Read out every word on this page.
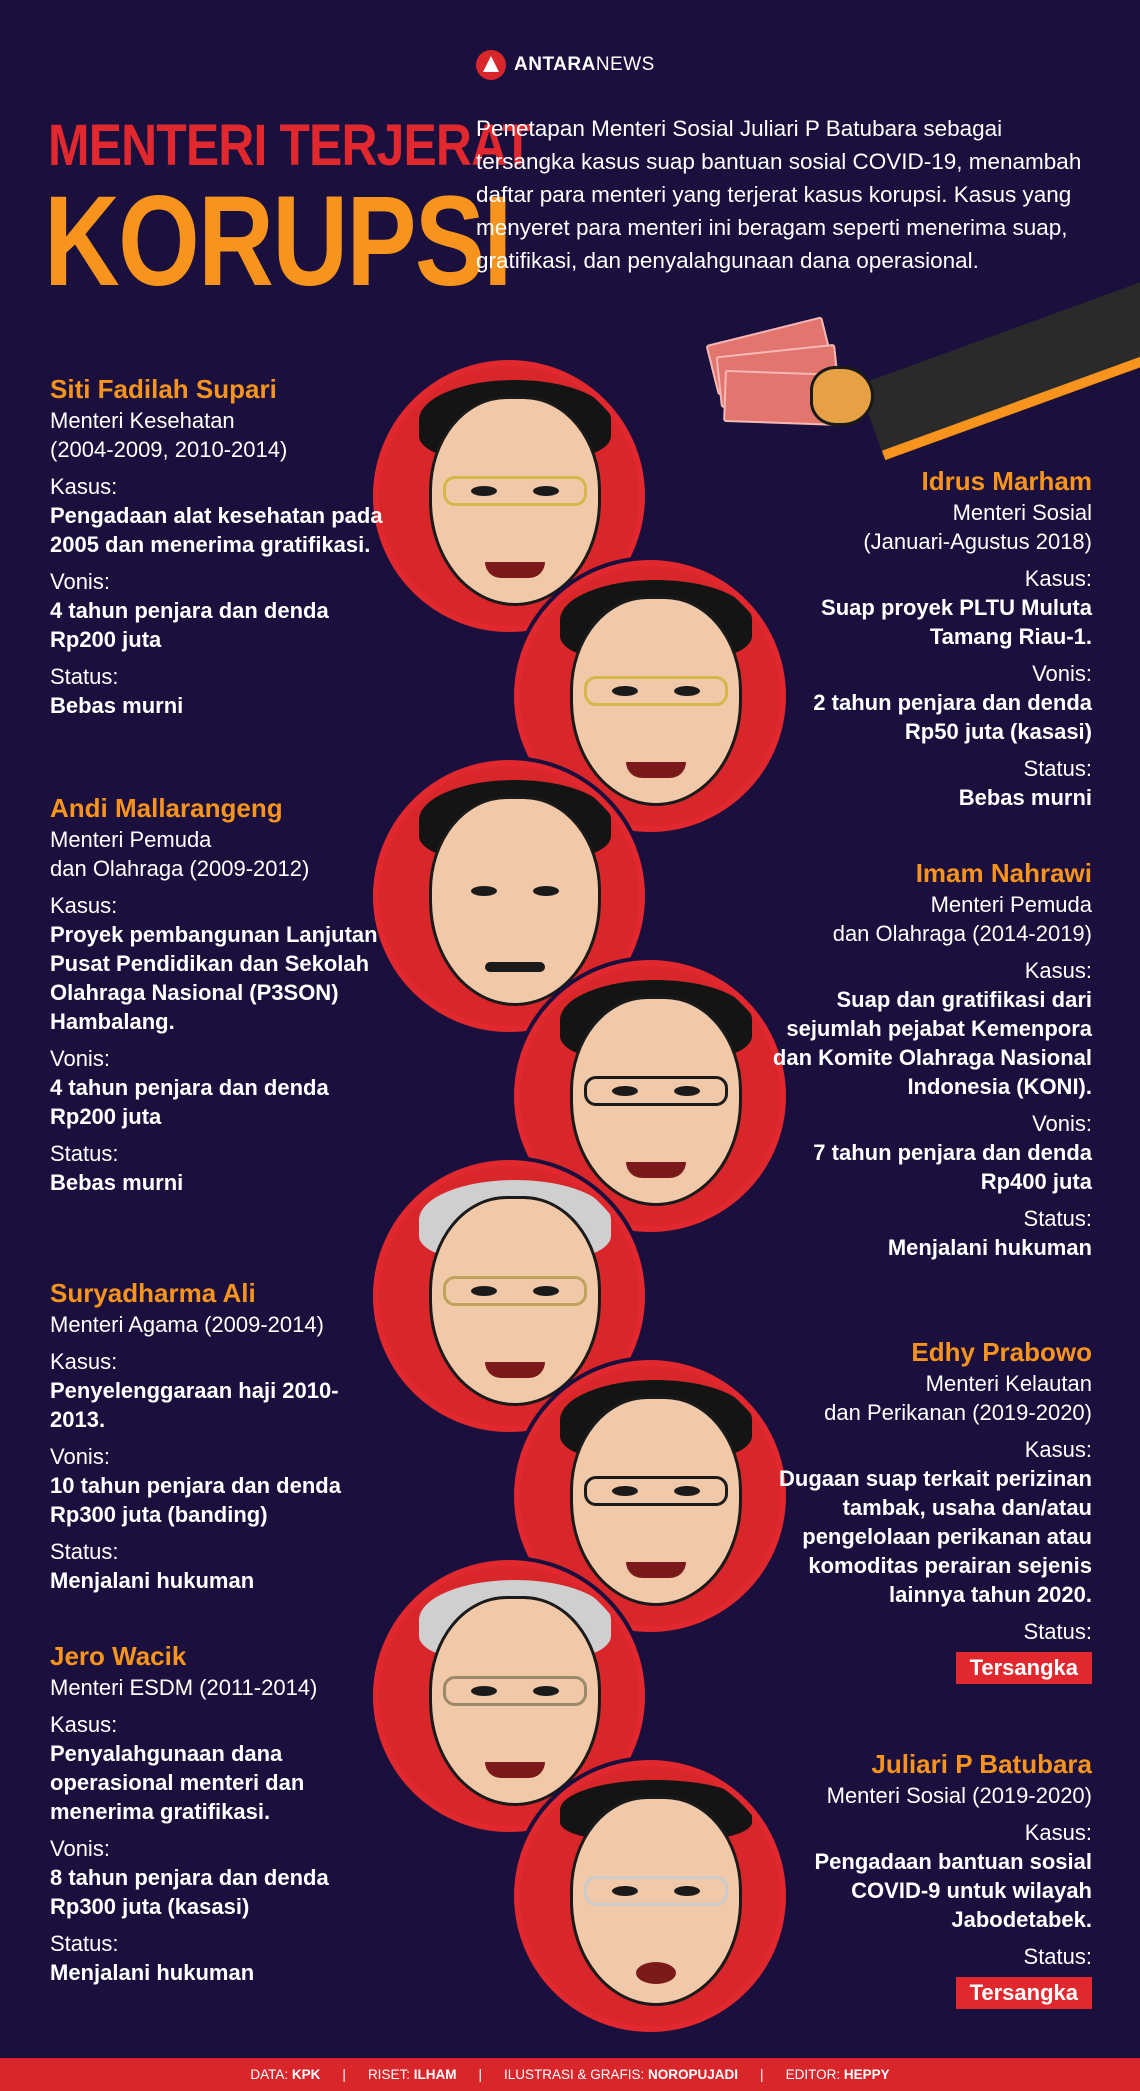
ANTARANEWS
MENTERI TERJERAT
KORUPSI
Penetapan Menteri Sosial Juliari P Batubara sebagai tersangka kasus suap bantuan sosial COVID-19, menambah daftar para menteri yang terjerat kasus korupsi. Kasus yang menyeret para menteri ini beragam seperti menerima suap, gratifikasi, dan penyalahgunaan dana operasional.
Siti Fadilah Supari
Menteri Kesehatan
(2004-2009, 2010-2014)
Kasus:
Pengadaan alat kesehatan pada 2005 dan menerima gratifikasi.
Vonis:
4 tahun penjara dan denda Rp200 juta
Status:
Bebas murni
Andi Mallarangeng
Menteri Pemuda
dan Olahraga (2009-2012)
Kasus:
Proyek pembangunan Lanjutan Pusat Pendidikan dan Sekolah Olahraga Nasional (P3SON) Hambalang.
Vonis:
4 tahun penjara dan denda Rp200 juta
Status:
Bebas murni
Suryadharma Ali
Menteri Agama (2009-2014)
Kasus:
Penyelenggaraan haji 2010-2013.
Vonis:
10 tahun penjara dan denda Rp300 juta (banding)
Status:
Menjalani hukuman
Jero Wacik
Menteri ESDM (2011-2014)
Kasus:
Penyalahgunaan dana operasional menteri dan menerima gratifikasi.
Vonis:
8 tahun penjara dan denda Rp300 juta (kasasi)
Status:
Menjalani hukuman
Idrus Marham
Menteri Sosial
(Januari-Agustus 2018)
Kasus:
Suap proyek PLTU Muluta Tamang Riau-1.
Vonis:
2 tahun penjara dan denda Rp50 juta (kasasi)
Status:
Bebas murni
Imam Nahrawi
Menteri Pemuda
dan Olahraga (2014-2019)
Kasus:
Suap dan gratifikasi dari sejumlah pejabat Kemenpora dan Komite Olahraga Nasional Indonesia (KONI).
Vonis:
7 tahun penjara dan denda Rp400 juta
Status:
Menjalani hukuman
Edhy Prabowo
Menteri Kelautan
dan Perikanan (2019-2020)
Kasus:
Dugaan suap terkait perizinan tambak, usaha dan/atau pengelolaan perikanan atau komoditas perairan sejenis lainnya tahun 2020.
Status:
Tersangka
Juliari P Batubara
Menteri Sosial (2019-2020)
Kasus:
Pengadaan bantuan sosial COVID-9 untuk wilayah Jabodetabek.
Status:
Tersangka
DATA: KPK | RISET: ILHAM | ILUSTRASI & GRAFIS: NOROPUJADI | EDITOR: HEPPY
